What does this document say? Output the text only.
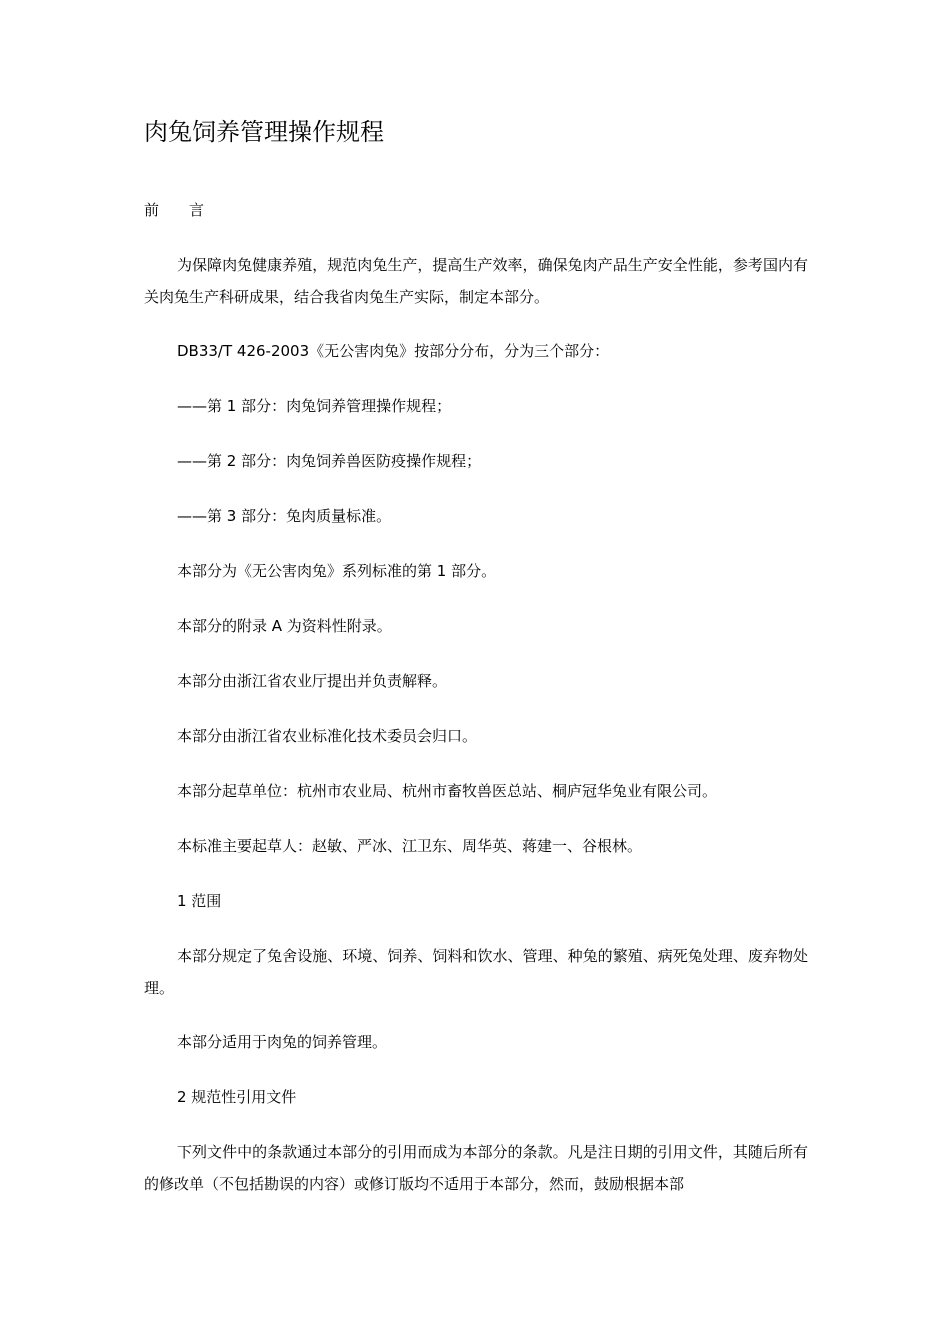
肉兔饲养管理操作规程

前 言

为保障肉兔健康养殖，规范肉兔生产，提高生产效率，确保兔肉产品生产安全性能，参考国内有关肉兔生产科研成果，结合我省肉兔生产实际，制定本部分。

DB33/T 426-2003《无公害肉兔》按部分分布，分为三个部分：

——第 1 部分：肉兔饲养管理操作规程；

——第 2 部分：肉兔饲养兽医防疫操作规程；

——第 3 部分：兔肉质量标准。

本部分为《无公害肉兔》系列标准的第 1 部分。

本部分的附录 A 为资料性附录。

本部分由浙江省农业厅提出并负责解释。

本部分由浙江省农业标准化技术委员会归口。

本部分起草单位：杭州市农业局、杭州市畜牧兽医总站、桐庐冠华兔业有限公司。

本标准主要起草人：赵敏、严冰、江卫东、周华英、蒋建一、谷根林。

1 范围

本部分规定了兔舍设施、环境、饲养、饲料和饮水、管理、种兔的繁殖、病死兔处理、废弃物处理。

本部分适用于肉兔的饲养管理。

2 规范性引用文件

下列文件中的条款通过本部分的引用而成为本部分的条款。凡是注日期的引用文件，其随后所有的修改单（不包括勘误的内容）或修订版均不适用于本部分，然而，鼓励根据本部
